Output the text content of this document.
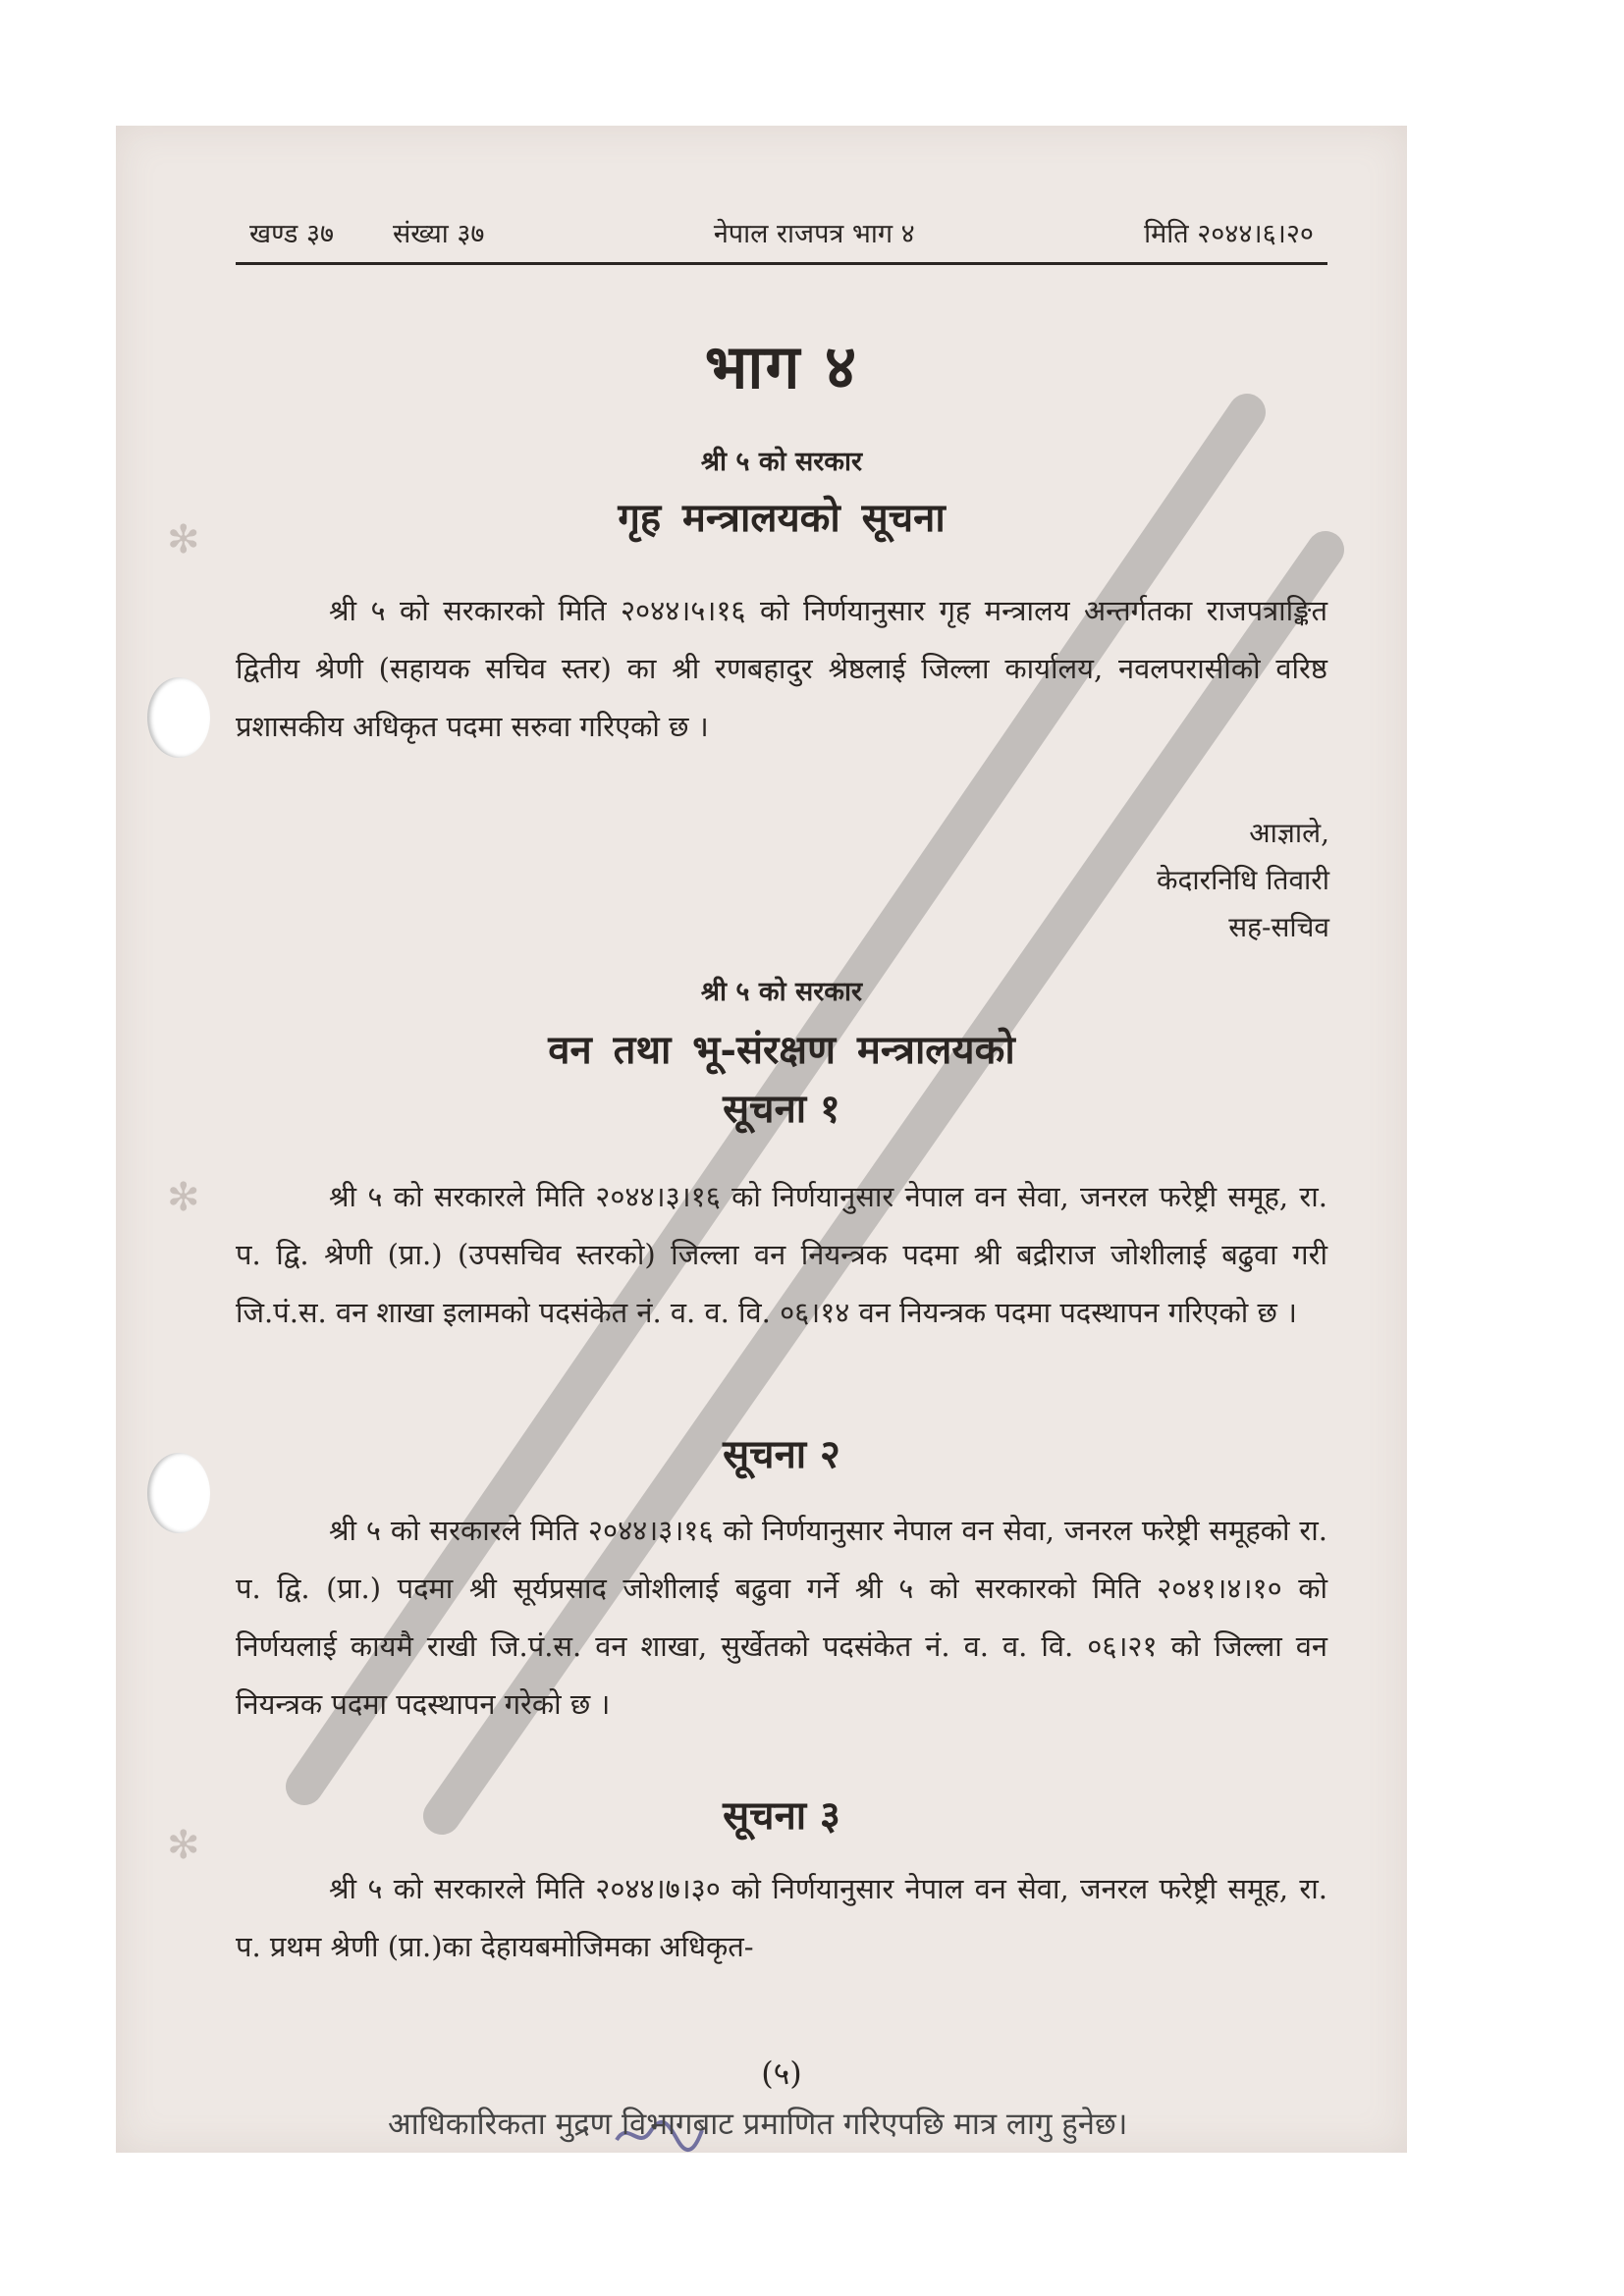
✻
✻
✻
खण्ड ३७ संख्या ३७	नेपाल राजपत्र भाग ४	मिति २०४४।६।२०
भाग ४
श्री ५ को सरकार
गृह मन्त्रालयको सूचना

श्री ५ को सरकारको मिति २०४४।५।१६ को निर्णयानुसार गृह मन्त्रालय अन्तर्गतका राजपत्राङ्कित द्वितीय श्रेणी (सहायक सचिव स्तर) का श्री रणबहादुर श्रेष्ठलाई जिल्ला कार्यालय, नवलपरासीको वरिष्ठ प्रशासकीय अधिकृत पदमा सरुवा गरिएको छ ।

आज्ञाले,
केदारनिधि तिवारी
सह-सचिव
श्री ५ को सरकार
वन तथा भू-संरक्षण मन्त्रालयको
सूचना १

श्री ५ को सरकारले मिति २०४४।३।१६ को निर्णयानुसार नेपाल वन सेवा, जनरल फरेष्ट्री समूह, रा. प. द्वि. श्रेणी (प्रा.) (उपसचिव स्तरको) जिल्ला वन नियन्त्रक पदमा श्री बद्रीराज जोशीलाई बढुवा गरी जि.पं.स. वन शाखा इलामको पदसंकेत नं. व. व. वि. ०६।१४ वन नियन्त्रक पदमा पदस्थापन गरिएको छ ।

सूचना २

श्री ५ को सरकारले मिति २०४४।३।१६ को निर्णयानुसार नेपाल वन सेवा, जनरल फरेष्ट्री समूहको रा. प. द्वि. (प्रा.) पदमा श्री सूर्यप्रसाद जोशीलाई बढुवा गर्ने श्री ५ को सरकारको मिति २०४१।४।१० को निर्णयलाई कायमै राखी जि.पं.स. वन शाखा, सुर्खेतको पदसंकेत नं. व. व. वि. ०६।२१ को जिल्ला वन नियन्त्रक पदमा पदस्थापन गरेको छ ।

सूचना ३

श्री ५ को सरकारले मिति २०४४।७।३० को निर्णयानुसार नेपाल वन सेवा, जनरल फरेष्ट्री समूह, रा. प. प्रथम श्रेणी (प्रा.)का देहायबमोजिमका अधिकृत-

(५)
आधिकारिकता मुद्रण विभागबाट प्रमाणित गरिएपछि मात्र लागु हुनेछ।
